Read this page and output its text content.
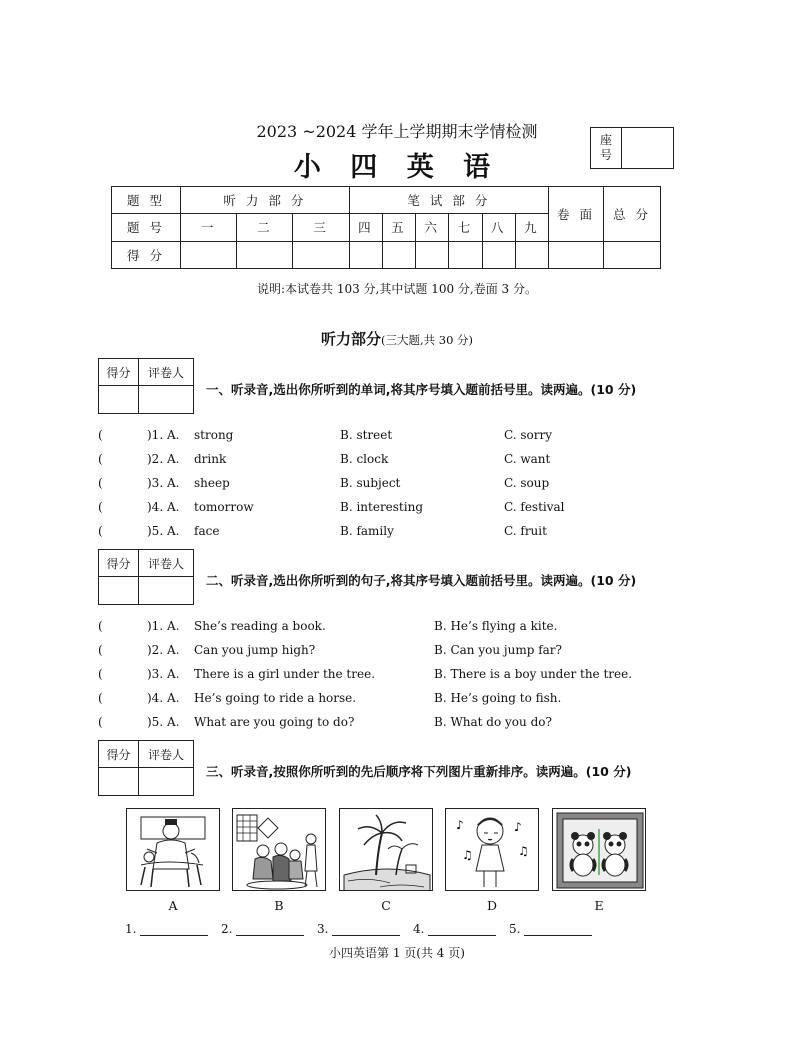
2023 ~2024 学年上学期期末学情检测
小 四 英 语
座
号
题 型	听 力 部 分			笔 试 部 分						卷 面	总 分
题 号	一	二	三	四	五	六	七	八	九		
得 分											
说明:本试卷共 103 分,其中试题 100 分,卷面 3 分。
听力部分(三大题,共 30 分)
得分	评卷人
一、听录音,选出你所听到的单词,将其序号填入题前括号里。读两遍。(10 分)
(	)1. A. strong	B. street	C. sorry
(	)2. A. drink	B. clock	C. want
(	)3. A. sheep	B. subject	C. soup
(	)4. A. tomorrow	B. interesting	C. festival
(	)5. A. face	B. family	C. fruit
得分	评卷人
二、听录音,选出你所听到的句子,将其序号填入题前括号里。读两遍。(10 分)
(	)1. A. She’s reading a book.	B. He’s flying a kite.
(	)2. A. Can you jump high?	B. Can you jump far?
(	)3. A. There is a girl under the tree.	B. There is a boy under the tree.
(	)4. A. He’s going to ride a horse.	B. He’s going to fish.
(	)5. A. What are you going to do?	B. What do you do?
得分	评卷人
三、听录音,按照你所听到的先后顺序将下列图片重新排序。读两遍。(10 分)
♪
♫
♪
♫
A	B	C	D	E
1.	2.	3.	4.	5.
小四英语第 1 页(共 4 页)
